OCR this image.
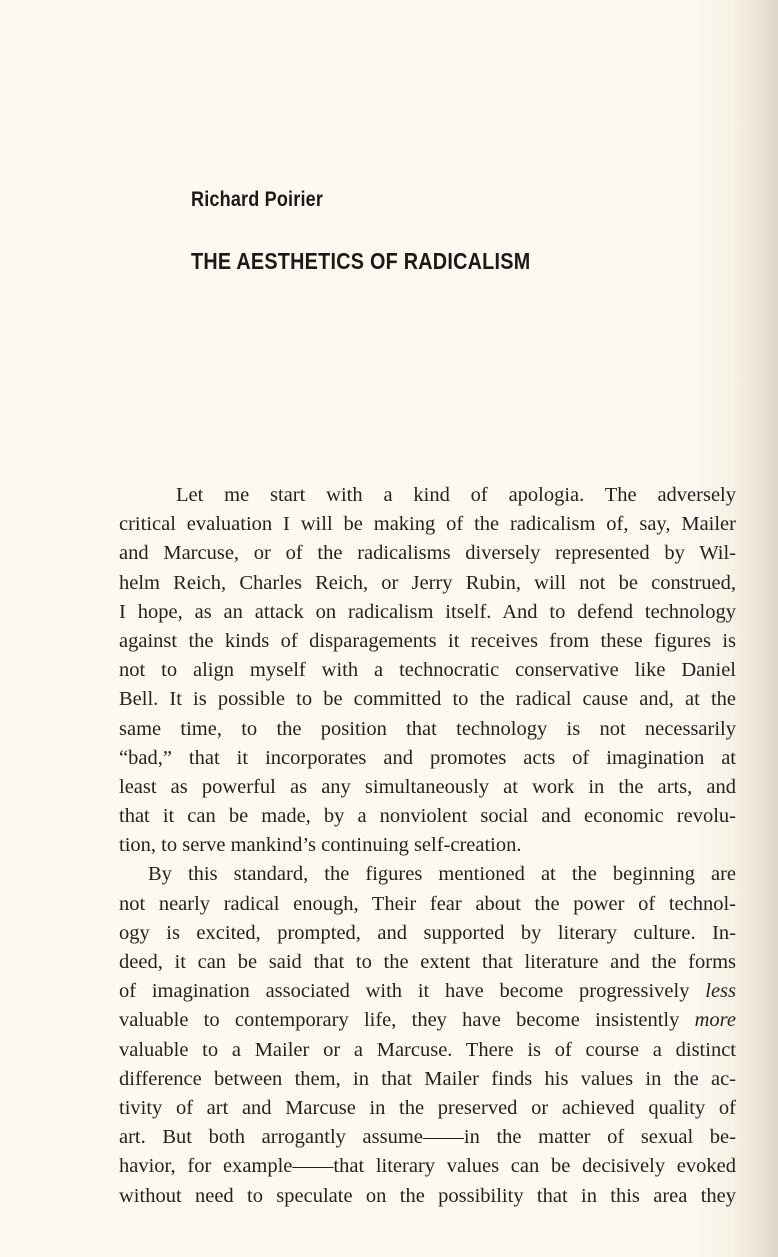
Richard Poirier
THE AESTHETICS OF RADICALISM
Let me start with a kind of apologia. The adversely
critical evaluation I will be making of the radicalism of, say, Mailer
and Marcuse, or of the radicalisms diversely represented by Wil-
helm Reich, Charles Reich, or Jerry Rubin, will not be construed,
I hope, as an attack on radicalism itself. And to defend technology
against the kinds of disparagements it receives from these figures is
not to align myself with a technocratic conservative like Daniel
Bell. It is possible to be committed to the radical cause and, at the
same time, to the position that technology is not necessarily
“bad,” that it incorporates and promotes acts of imagination at
least as powerful as any simultaneously at work in the arts, and
that it can be made, by a nonviolent social and economic revolu-
tion, to serve mankind’s continuing self-creation.
By this standard, the figures mentioned at the beginning are
not nearly radical enough, Their fear about the power of technol-
ogy is excited, prompted, and supported by literary culture. In-
deed, it can be said that to the extent that literature and the forms
of imagination associated with it have become progressively less
valuable to contemporary life, they have become insistently more
valuable to a Mailer or a Marcuse. There is of course a distinct
difference between them, in that Mailer finds his values in the ac-
tivity of art and Marcuse in the preserved or achieved quality of
art. But both arrogantly assume——in the matter of sexual be-
havior, for example——that literary values can be decisively evoked
without need to speculate on the possibility that in this area they
